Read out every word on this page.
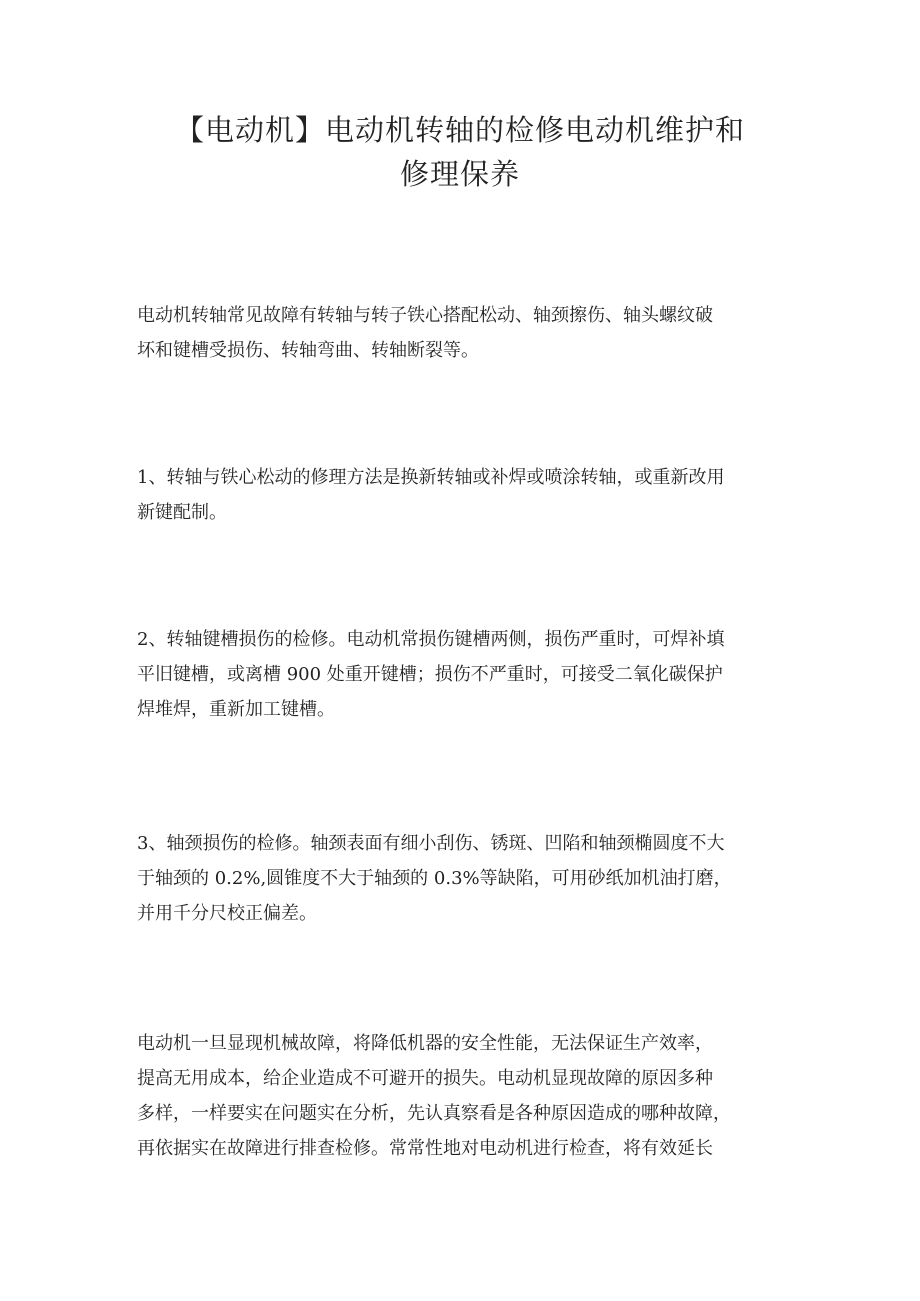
【电动机】电动机转轴的检修电动机维护和
修理保养
电动机转轴常见故障有转轴与转子铁心搭配松动、轴颈擦伤、轴头螺纹破
坏和键槽受损伤、转轴弯曲、转轴断裂等。
1、转轴与铁心松动的修理方法是换新转轴或补焊或喷涂转轴，或重新改用
新键配制。
2、转轴键槽损伤的检修。电动机常损伤键槽两侧，损伤严重时，可焊补填
平旧键槽，或离槽 900 处重开键槽；损伤不严重时，可接受二氧化碳保护
焊堆焊，重新加工键槽。
3、轴颈损伤的检修。轴颈表面有细小刮伤、锈斑、凹陷和轴颈椭圆度不大
于轴颈的 0.2%,圆锥度不大于轴颈的 0.3%等缺陷，可用砂纸加机油打磨，
并用千分尺校正偏差。
电动机一旦显现机械故障，将降低机器的安全性能，无法保证生产效率，
提高无用成本，给企业造成不可避开的损失。电动机显现故障的原因多种
多样，一样要实在问题实在分析，先认真察看是各种原因造成的哪种故障，
再依据实在故障进行排查检修。常常性地对电动机进行检查，将有效延长
